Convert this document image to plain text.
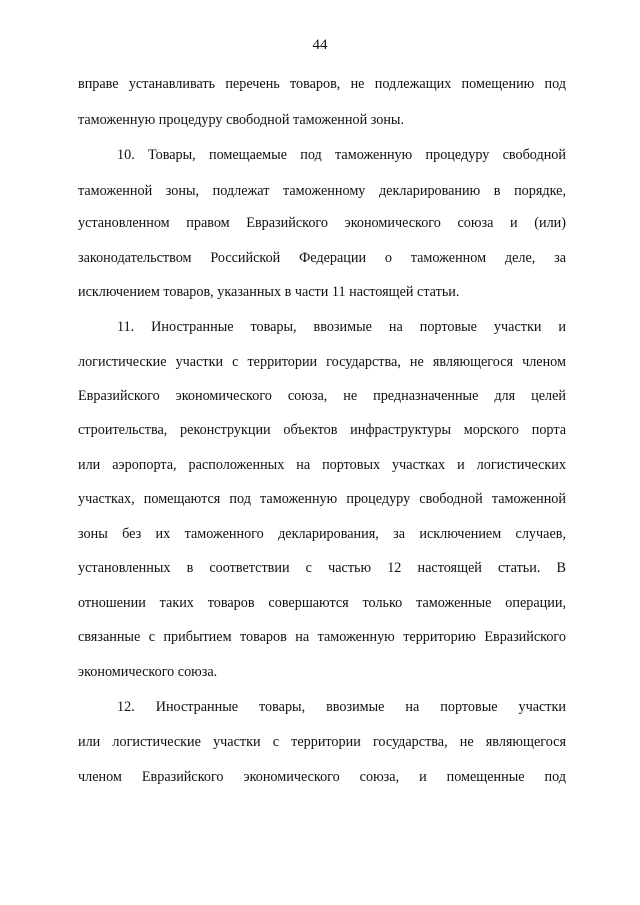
44
вправе устанавливать перечень товаров, не подлежащих помещению под
таможенную процедуру свободной таможенной зоны.
10. Товары, помещаемые под таможенную процедуру свободной
таможенной зоны, подлежат таможенному декларированию в порядке,
установленном правом Евразийского экономического союза и (или)
законодательством Российской Федерации о таможенном деле, за
исключением товаров, указанных в части 11 настоящей статьи.
11. Иностранные товары, ввозимые на портовые участки и
логистические участки с территории государства, не являющегося членом
Евразийского экономического союза, не предназначенные для целей
строительства, реконструкции объектов инфраструктуры морского порта
или аэропорта, расположенных на портовых участках и логистических
участках, помещаются под таможенную процедуру свободной таможенной
зоны без их таможенного декларирования, за исключением случаев,
установленных в соответствии с частью 12 настоящей статьи. В
отношении таких товаров совершаются только таможенные операции,
связанные с прибытием товаров на таможенную территорию Евразийского
экономического союза.
12. Иностранные товары, ввозимые на портовые участки
или логистические участки с территории государства, не являющегося
членом Евразийского экономического союза, и помещенные под
